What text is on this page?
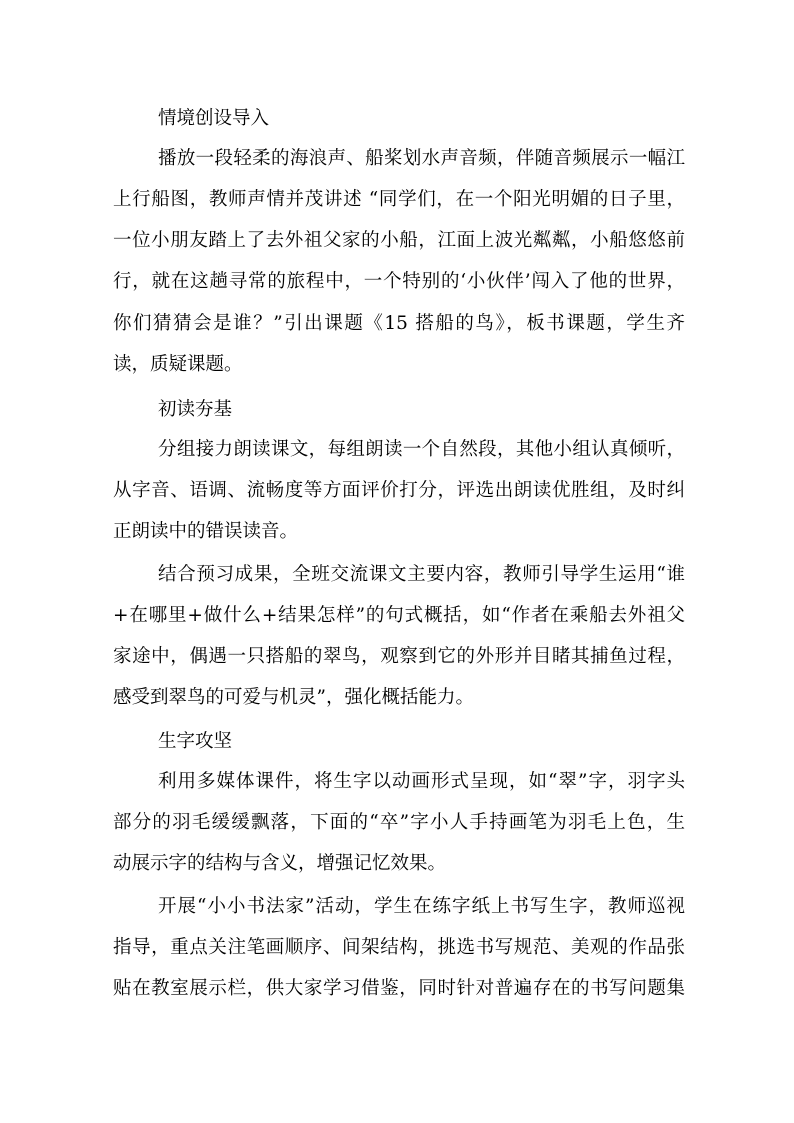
情境创设导入
播放一段轻柔的海浪声、船桨划水声音频，伴随音频展示一幅江
上行船图，教师声情并茂讲述 “同学们，在一个阳光明媚的日子里，
一位小朋友踏上了去外祖父家的小船，江面上波光粼粼，小船悠悠前
行，就在这趟寻常的旅程中，一个特别的‘小伙伴’闯入了他的世界，
你们猜猜会是谁？”引出课题《15 搭船的鸟》，板书课题，学生齐
读，质疑课题。
初读夯基
分组接力朗读课文，每组朗读一个自然段，其他小组认真倾听，
从字音、语调、流畅度等方面评价打分，评选出朗读优胜组，及时纠
正朗读中的错误读音。
结合预习成果，全班交流课文主要内容，教师引导学生运用“谁
+在哪里+做什么+结果怎样”的句式概括，如“作者在乘船去外祖父
家途中，偶遇一只搭船的翠鸟，观察到它的外形并目睹其捕鱼过程，
感受到翠鸟的可爱与机灵”，强化概括能力。
生字攻坚
利用多媒体课件，将生字以动画形式呈现，如“翠”字，羽字头
部分的羽毛缓缓飘落，下面的“卒”字小人手持画笔为羽毛上色，生
动展示字的结构与含义，增强记忆效果。
开展“小小书法家”活动，学生在练字纸上书写生字，教师巡视
指导，重点关注笔画顺序、间架结构，挑选书写规范、美观的作品张
贴在教室展示栏，供大家学习借鉴，同时针对普遍存在的书写问题集
